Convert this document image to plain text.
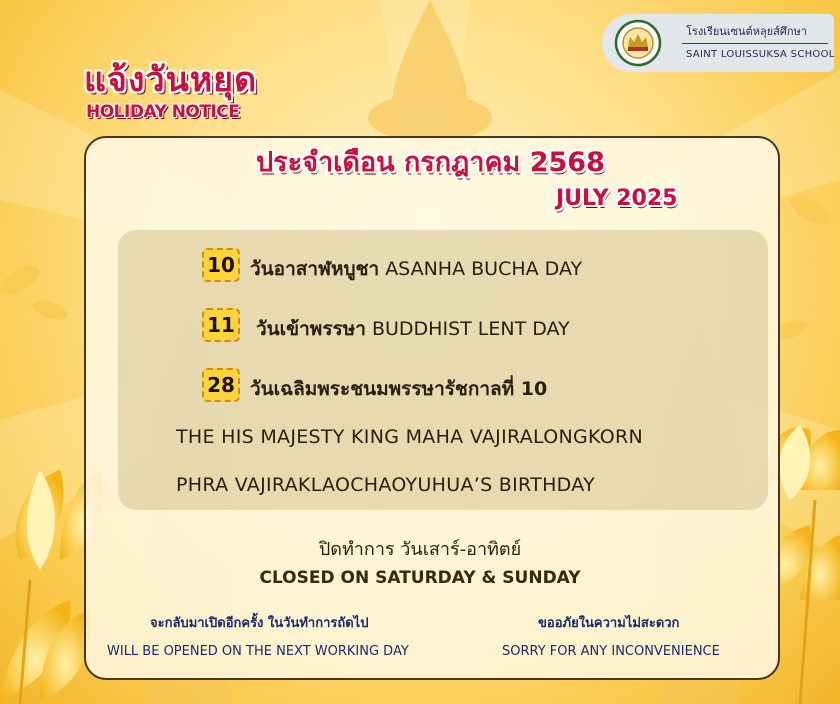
โรงเรียนเซนต์หลุยส์ศึกษา
SAINT LOUISSUKSA SCHOOL
แจ้งวันหยุด
HOLIDAY NOTICE
ประจำเดือน กรกฎาคม 2568
JULY 2025
10 วันอาสาฬหบูชา ASANHA BUCHA DAY
11 วันเข้าพรรษา BUDDHIST LENT DAY
28 วันเฉลิมพระชนมพรรษารัชกาลที่ 10
THE HIS MAJESTY KING MAHA VAJIRALONGKORN
PHRA VAJIRAKLAOCHAOYUHUA’S BIRTHDAY
ปิดทำการ วันเสาร์-อาทิตย์
CLOSED ON SATURDAY & SUNDAY
จะกลับมาเปิดอีกครั้ง ในวันทำการถัดไป
WILL BE OPENED ON THE NEXT WORKING DAY
ขออภัยในความไม่สะดวก
SORRY FOR ANY INCONVENIENCE
